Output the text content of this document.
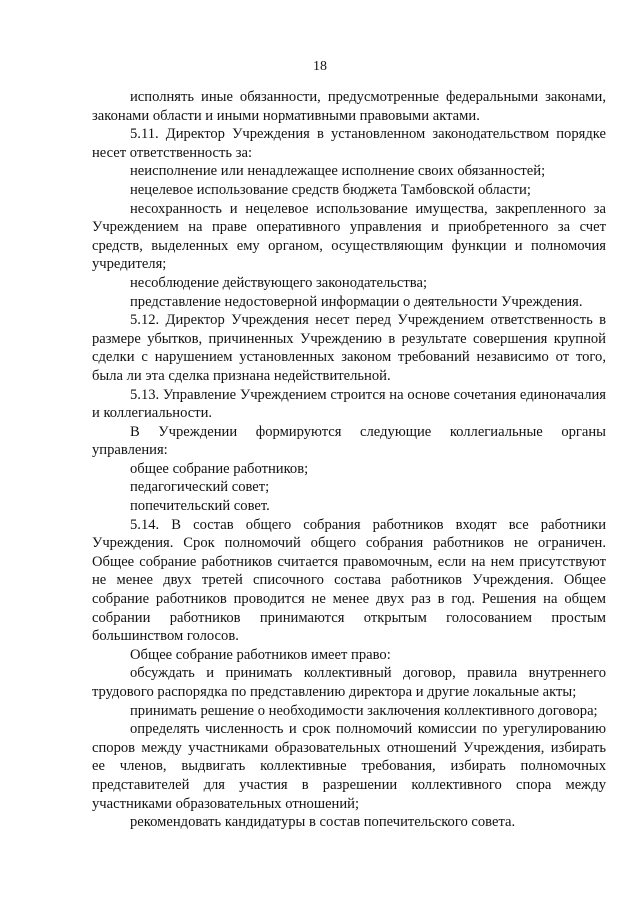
18

исполнять иные обязанности, предусмотренные федеральными законами, законами области и иными нормативными правовыми актами.

5.11. Директор Учреждения в установленном законодательством порядке несет ответственность за:

неисполнение или ненадлежащее исполнение своих обязанностей;

нецелевое использование средств бюджета Тамбовской области;

несохранность и нецелевое использование имущества, закрепленного за Учреждением на праве оперативного управления и приобретенного за счет средств, выделенных ему органом, осуществляющим функции и полномочия учредителя;

несоблюдение действующего законодательства;

представление недостоверной информации о деятельности Учреждения.

5.12. Директор Учреждения несет перед Учреждением ответственность в размере убытков, причиненных Учреждению в результате совершения крупной сделки с нарушением установленных законом требований независимо от того, была ли эта сделка признана недействительной.

5.13. Управление Учреждением строится на основе сочетания единоначалия и коллегиальности.

В Учреждении формируются следующие коллегиальные органы управления:

общее собрание работников;

педагогический совет;

попечительский совет.

5.14. В состав общего собрания работников входят все работники Учреждения. Срок полномочий общего собрания работников не ограничен. Общее собрание работников считается правомочным, если на нем присутствуют не менее двух третей списочного состава работников Учреждения. Общее собрание работников проводится не менее двух раз в год. Решения на общем собрании работников принимаются открытым голосованием простым большинством голосов.

Общее собрание работников имеет право:

обсуждать и принимать коллективный договор, правила внутреннего трудового распорядка по представлению директора и другие локальные акты;

принимать решение о необходимости заключения коллективного договора;

определять численность и срок полномочий комиссии по урегулированию споров между участниками образовательных отношений Учреждения, избирать ее членов, выдвигать коллективные требования, избирать полномочных представителей для участия в разрешении коллективного спора между участниками образовательных отношений;

рекомендовать кандидатуры в состав попечительского совета.
